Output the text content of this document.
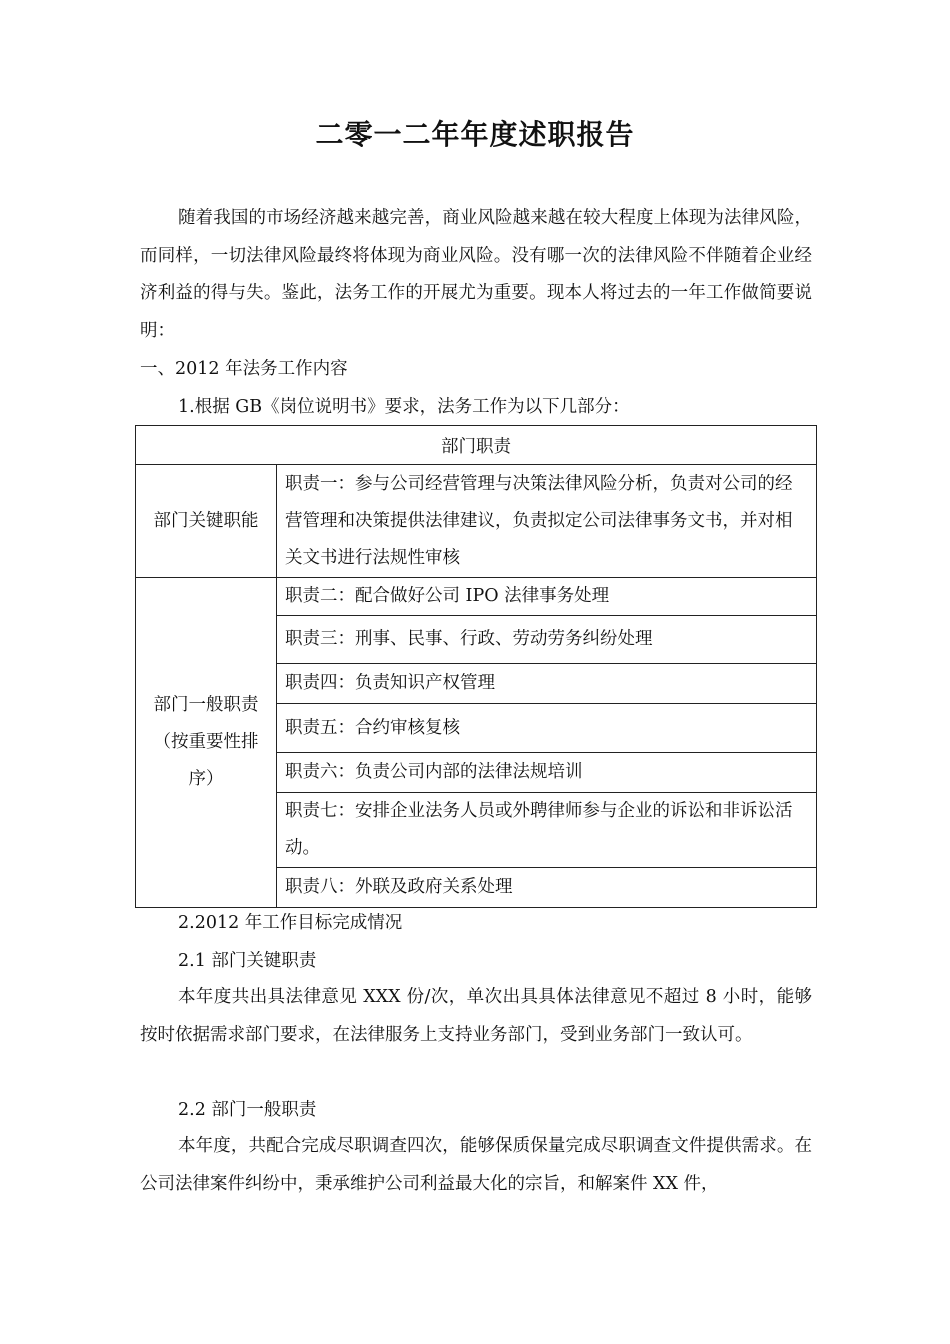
二零一二年年度述职报告

随着我国的市场经济越来越完善，商业风险越来越在较大程度上体现为法律风险，而同样，一切法律风险最终将体现为商业风险。没有哪一次的法律风险不伴随着企业经济利益的得与失。鉴此，法务工作的开展尤为重要。现本人将过去的一年工作做简要说明：

一、2012 年法务工作内容
1.根据 GB《岗位说明书》要求，法务工作为以下几部分：
部门职责	
部门关键职能	职责一：参与公司经营管理与决策法律风险分析，负责对公司的经营管理和决策提供法律建议，负责拟定公司法律事务文书，并对相关文书进行法规性审核
部门一般职责（按重要性排序）	职责二：配合做好公司 IPO 法律事务处理
	职责三：刑事、民事、行政、劳动劳务纠纷处理
	职责四：负责知识产权管理
	职责五：合约审核复核
	职责六：负责公司内部的法律法规培训
	职责七：安排企业法务人员或外聘律师参与企业的诉讼和非诉讼活动。
	职责八：外联及政府关系处理
2.2012 年工作目标完成情况
2.1 部门关键职责

本年度共出具法律意见 XXX 份/次，单次出具具体法律意见不超过 8 小时，能够按时依据需求部门要求，在法律服务上支持业务部门，受到业务部门一致认可。

2.2 部门一般职责

本年度，共配合完成尽职调查四次，能够保质保量完成尽职调查文件提供需求。在公司法律案件纠纷中，秉承维护公司利益最大化的宗旨，和解案件 XX 件，
